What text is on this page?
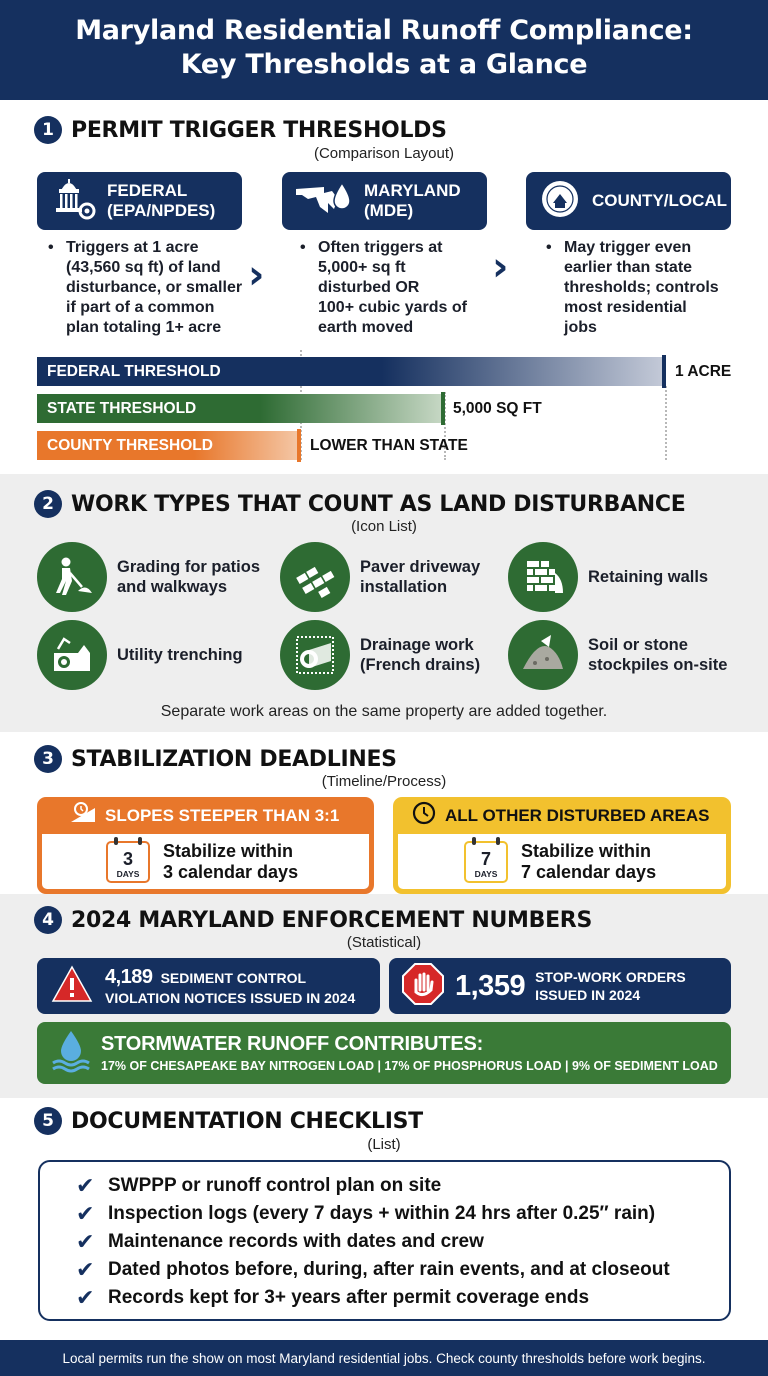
Maryland Residential Runoff Compliance:
Key Thresholds at a Glance
1 PERMIT TRIGGER THRESHOLDS
(Comparison Layout)
FEDERAL
(EPA/NPDES)
• Triggers at 1 acre
(43,560 sq ft) of land
disturbance, or smaller
if part of a common
plan totaling 1+ acre
›
MARYLAND
(MDE)
• Often triggers at
5,000+ sq ft
disturbed OR
100+ cubic yards of
earth moved
›
COUNTY/LOCAL
• May trigger even
earlier than state
thresholds; controls
most residential
jobs
FEDERAL THRESHOLD	1 ACRE
STATE THRESHOLD	5,000 SQ FT
COUNTY THRESHOLD	LOWER THAN STATE
2 WORK TYPES THAT COUNT AS LAND DISTURBANCE
(Icon List)
Grading for patios
and walkways
Paver driveway
installation
Retaining walls
Utility trenching
Drainage work
(French drains)
Soil or stone
stockpiles on-site
Separate work areas on the same property are added together.
3 STABILIZATION DEADLINES
(Timeline/Process)
SLOPES STEEPER THAN 3:1
3
DAYS
Stabilize within
3 calendar days
ALL OTHER DISTURBED AREAS
7
DAYS
Stabilize within
7 calendar days
4 2024 MARYLAND ENFORCEMENT NUMBERS
(Statistical)
4,189 SEDIMENT CONTROL
VIOLATION NOTICES ISSUED IN 2024	1,359 STOP-WORK ORDERS
ISSUED IN 2024
STORMWATER RUNOFF CONTRIBUTES:
17% OF CHESAPEAKE BAY NITROGEN LOAD | 17% OF PHOSPHORUS LOAD | 9% OF SEDIMENT LOAD
5 DOCUMENTATION CHECKLIST
(List)
✔ SWPPP or runoff control plan on site
✔ Inspection logs (every 7 days + within 24 hrs after 0.25″ rain)
✔ Maintenance records with dates and crew
✔ Dated photos before, during, after rain events, and at closeout
✔ Records kept for 3+ years after permit coverage ends
Local permits run the show on most Maryland residential jobs. Check county thresholds before work begins.
